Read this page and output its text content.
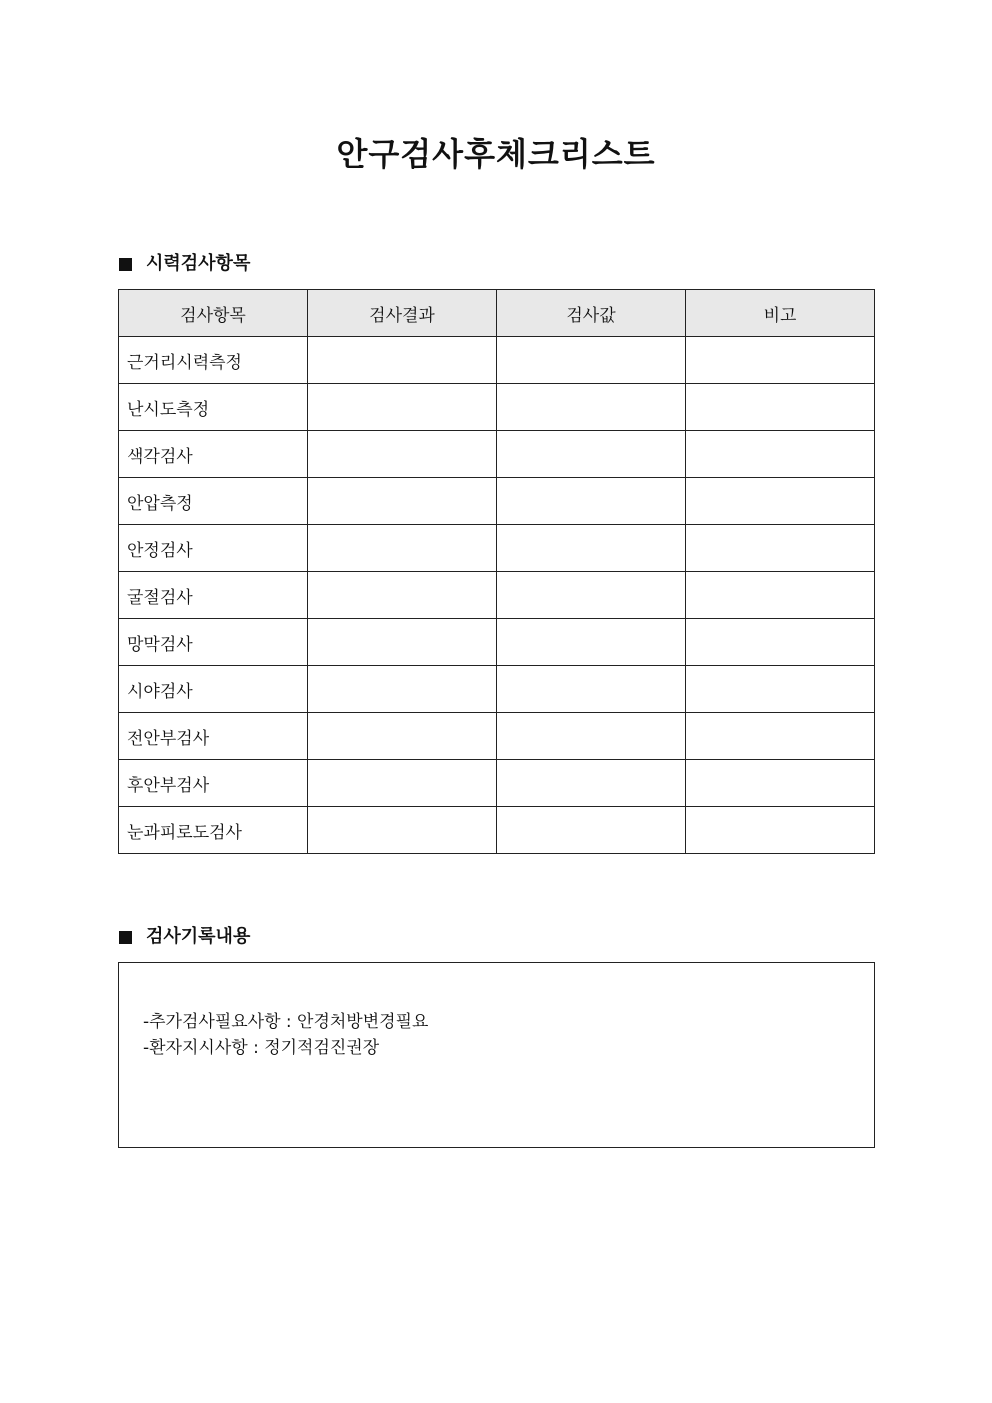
안구검사후체크리스트
시력검사항목
검사항목	검사결과	검사값	비고
근거리시력측정			
난시도측정			
색각검사			
안압측정			
안정검사			
굴절검사			
망막검사			
시야검사			
전안부검사			
후안부검사			
눈과피로도검사			
검사기록내용
-추가검사필요사항 : 안경처방변경필요
-환자지시사항 : 정기적검진권장
